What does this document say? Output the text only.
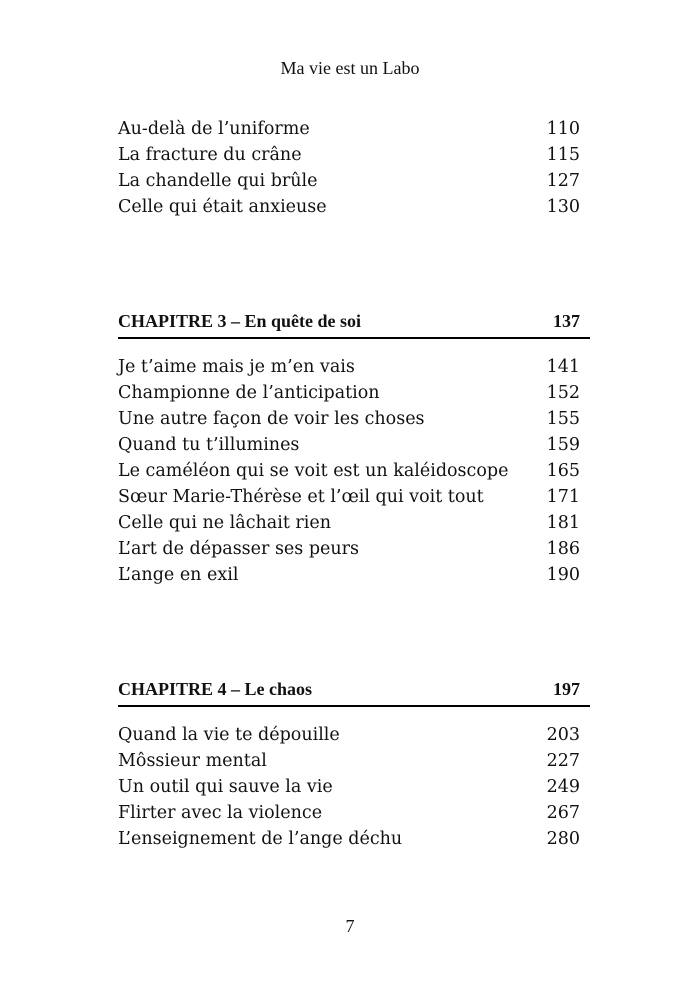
Ma vie est un Labo
Au-delà de l’uniforme	110
La fracture du crâne	115
La chandelle qui brûle	127
Celle qui était anxieuse	130
CHAPITRE 3 – En quête de soi	137
Je t’aime mais je m’en vais	141
Championne de l’anticipation	152
Une autre façon de voir les choses	155
Quand tu t’illumines	159
Le caméléon qui se voit est un kaléidoscope 165
Sœur Marie-Thérèse et l’œil qui voit tout	171
Celle qui ne lâchait rien	181
L’art de dépasser ses peurs	186
L’ange en exil	190
CHAPITRE 4 – Le chaos	197
Quand la vie te dépouille	203
Môssieur mental	227
Un outil qui sauve la vie	249
Flirter avec la violence	267
L’enseignement de l’ange déchu	280
7
